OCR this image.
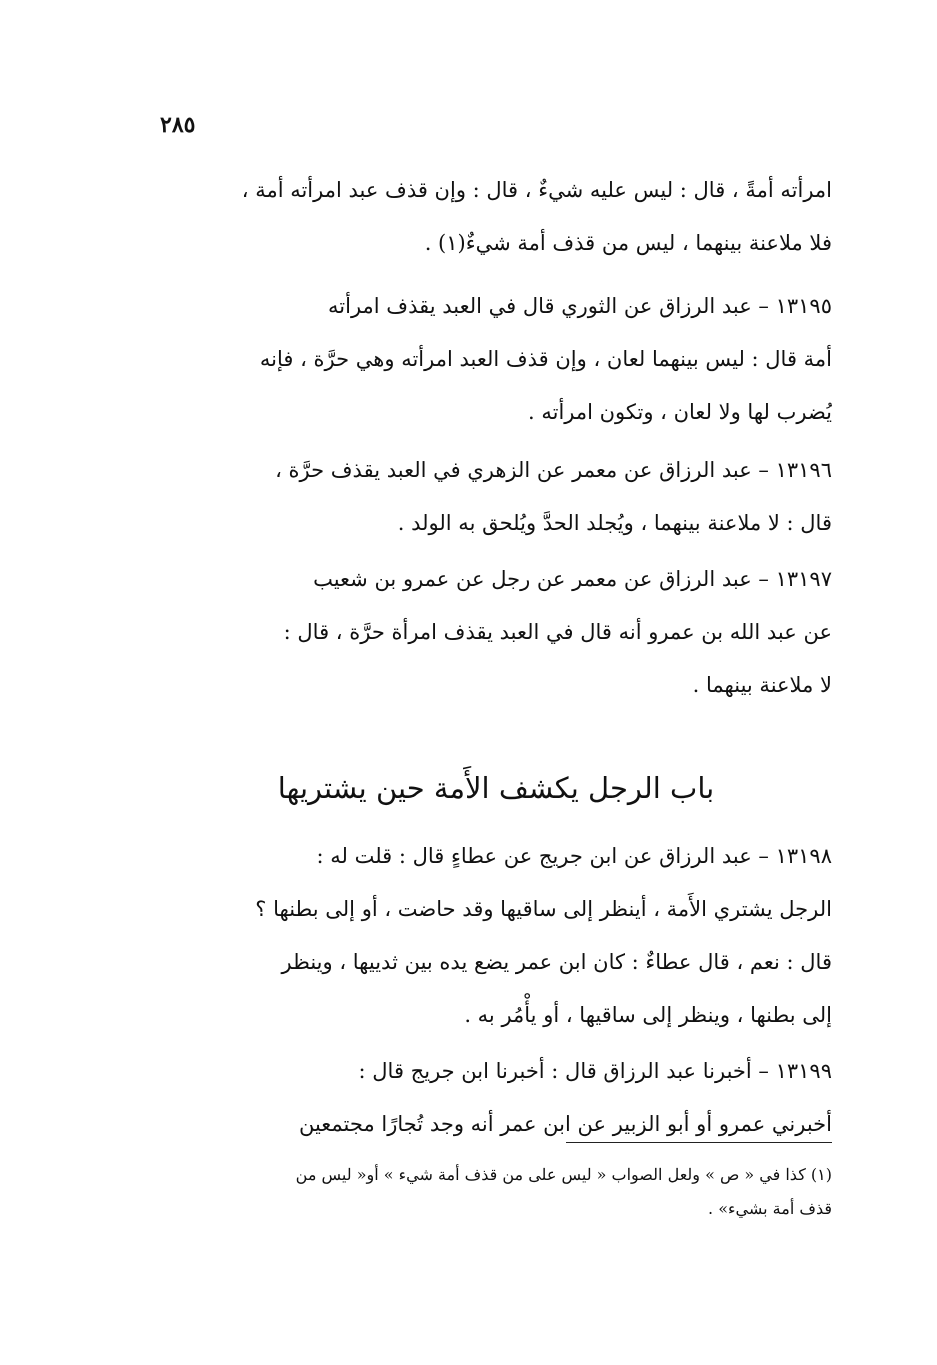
٢٨٥
امرأته أمةً ، قال : ليس عليه شيءٌ ، قال : وإن قذف عبد امرأته أمة ،
فلا ملاعنة بينهما ، ليس من قذف أمة شيءٌ(١) .
١٣١٩٥ – عبد الرزاق عن الثوري قال في العبد يقذف امرأته
أمة قال : ليس بينهما لعان ، وإن قذف العبد امرأته وهي حرَّة ، فإنه
يُضرب لها ولا لعان ، وتكون امرأته .
١٣١٩٦ – عبد الرزاق عن معمر عن الزهري في العبد يقذف حرَّة ،
قال : لا ملاعنة بينهما ، ويُجلد الحدَّ ويُلحق به الولد .
١٣١٩٧ – عبد الرزاق عن معمر عن رجل عن عمرو بن شعيب
عن عبد الله بن عمرو أنه قال في العبد يقذف امرأة حرَّة ، قال :
لا ملاعنة بينهما .
باب الرجل يكشف الأَمة حين يشتريها
١٣١٩٨ – عبد الرزاق عن ابن جريج عن عطاءٍ قال : قلت له :
الرجل يشتري الأَمة ، أينظر إلى ساقيها وقد حاضت ، أو إلى بطنها ؟
قال : نعم ، قال عطاءٌ : كان ابن عمر يضع يده بين ثدييها ، وينظر
إلى بطنها ، وينظر إلى ساقيها ، أو يأْمُر به .
١٣١٩٩ – أخبرنا عبد الرزاق قال : أخبرنا ابن جريج قال :
أخبرني عمرو أو أبو الزبير عن ابن عمر أنه وجد تُجارًا مجتمعين
(١) كذا في « ص » ولعل الصواب « ليس على من قذف أمة شيء » أو« ليس من
قذف أمة بشيء» .
